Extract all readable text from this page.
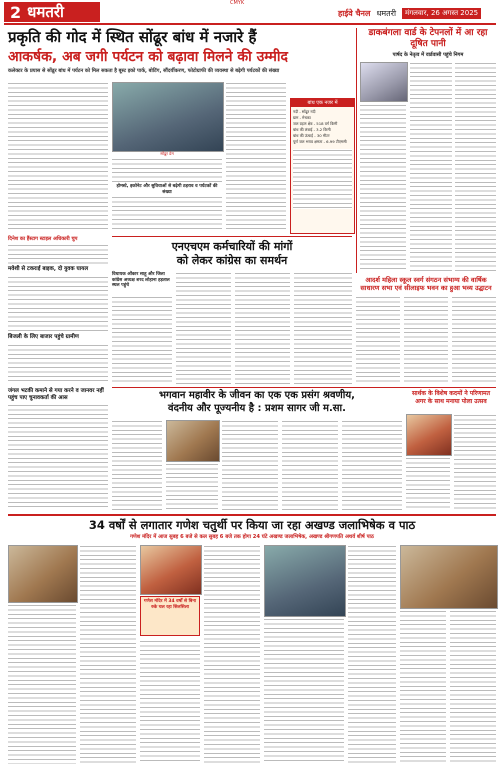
2 धमतरी	CMYK
हाईवे चैनल धमतरी	मंगलवार, 26 अगस्त 2025
प्रकृति की गोद में स्थित सोंढूर बांध में नजारे हैं
आकर्षक, अब जगी पर्यटन को बढ़ावा मिलने की उम्मीद
कलेक्टर के प्रयास से सोंढूर बांध में पर्यटन को मिल सकता है बूस्ट इको पार्क, बोटिंग, सौंदर्यीकरण, फोटोग्राफी की व्यवस्था से बढ़ेगी पर्यटकों की संख्या
सोंढूर डेम
होमस्टे, इकोनेट और सुविधाओं से बढ़ेगी ठहराव व पर्यटकों की संख्या
बांध एक नजर में
नदी - सोंढूर नदी
ग्राम - मेचका
जल ग्रहण क्षेत्र - 518 वर्ग किमी
बांध की लंबाई - 3.2 किमी
बांध की ऊंचाई - 30 मीटर
पूर्ण जल भराव क्षमता - 6.99 टीएमसी
दिनेश का हैंस्टाग स्टाइल अधिकारी चुप
डाकबंगला वार्ड के टेपनलों में आ रहा दूषित पानी
पार्षद के नेतृत्व में वार्डवासी पहुंचे निगम
मवेशी से टकराई बाइक, दो युवक घायल
बिजली के लिए बाजार पहुंचे ग्रामीण
एनएचएम कर्मचारियों की मांगों
को लेकर कांग्रेस का समर्थन
विधायक ओंकार साहू और जिला कांग्रेस अध्यक्ष शरद लोहाना हड़ताल स्थल पहुंचे
आदर्श महिला स्कूल स्वर्ग संगठन संभाग्य की वार्षिक
साधारण सभा एवं सीलाइफ भवन का हुआ भव्य उद्घाटन
भगवान महावीर के जीवन का एक एक प्रसंग श्रवणीय,
वंदनीय और पूज्यनीय है : प्रशम सागर जी म.सा.
सार्थक के विशेष कदमों ने परिणामत अगर के साथ मनाया पोला उत्सव
जंगल भटकी कमाने से गया करने व जानवर नहीं पहुंच पाए चुनावकर्ता की आस
34 वर्षों से लगातार गणेश चतुर्थी पर किया जा रहा अखण्ड जलाभिषेक व पाठ
गणेश मंदिर में आज सुबह 6 बजे से कल सुबह 6 बजे तक होगा 24 घंटे अखण्ड जलाभिषेक, अखण्ड श्रीगणपति अथर्व शीर्ष पाठ
गणेश मंदिर में 34 वर्षों से बिना रुके चल रहा सिलसिला
